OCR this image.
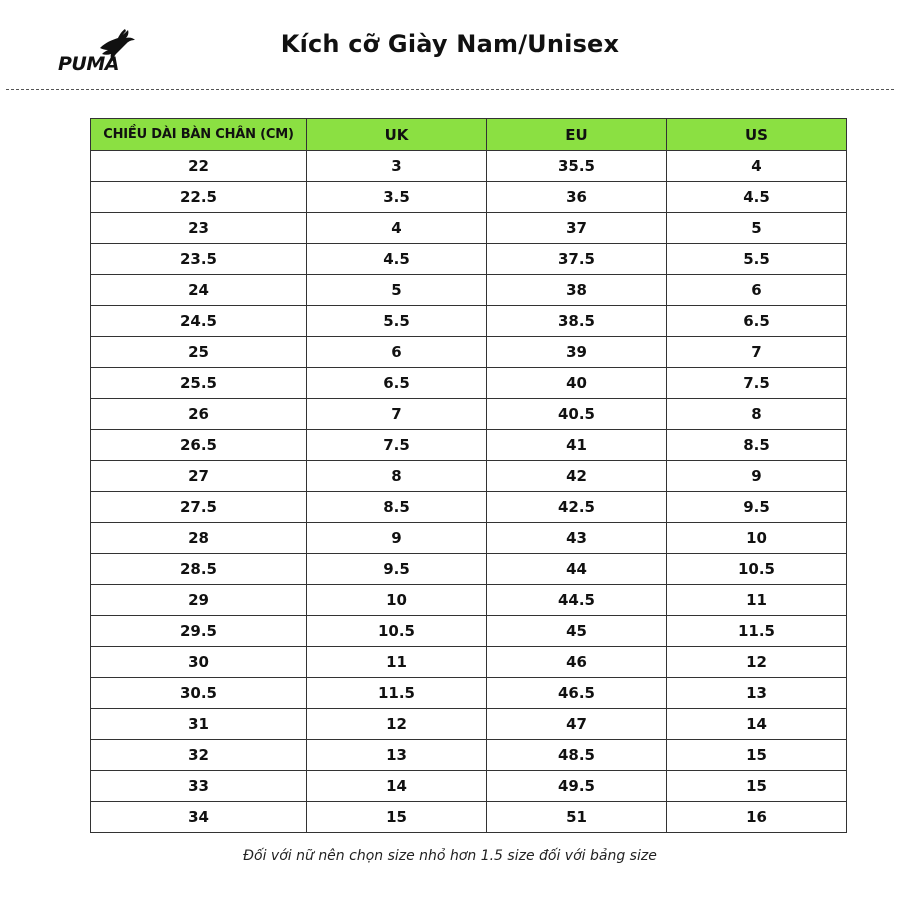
PUMA
Kích cỡ Giày Nam/Unisex
CHIỀU DÀI BÀN CHÂN (CM)	UK	EU	US
22	3	35.5	4
22.5	3.5	36	4.5
23	4	37	5
23.5	4.5	37.5	5.5
24	5	38	6
24.5	5.5	38.5	6.5
25	6	39	7
25.5	6.5	40	7.5
26	7	40.5	8
26.5	7.5	41	8.5
27	8	42	9
27.5	8.5	42.5	9.5
28	9	43	10
28.5	9.5	44	10.5
29	10	44.5	11
29.5	10.5	45	11.5
30	11	46	12
30.5	11.5	46.5	13
31	12	47	14
32	13	48.5	15
33	14	49.5	15
34	15	51	16
Đối với nữ nên chọn size nhỏ hơn 1.5 size đối với bảng size
